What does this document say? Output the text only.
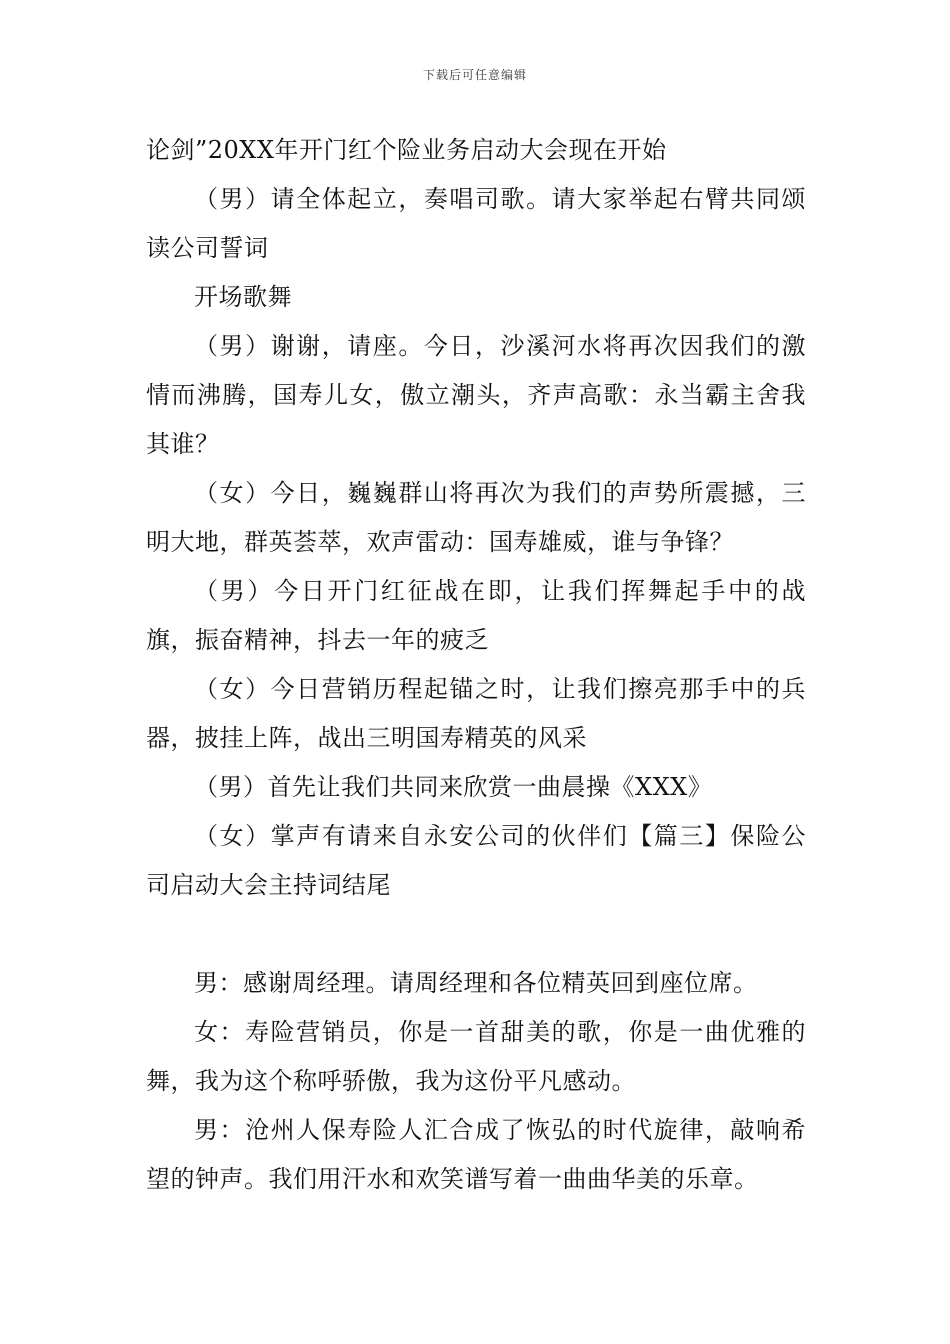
下载后可任意编辑

论剑”20XX年开门红个险业务启动大会现在开始

（男）请全体起立，奏唱司歌。请大家举起右臂共同颂读公司誓词

开场歌舞

（男）谢谢，请座。今日，沙溪河水将再次因我们的激情而沸腾，国寿儿女，傲立潮头，齐声高歌：永当霸主舍我其谁？

（女）今日，巍巍群山将再次为我们的声势所震撼，三明大地，群英荟萃，欢声雷动：国寿雄威，谁与争锋？

（男）今日开门红征战在即，让我们挥舞起手中的战旗，振奋精神，抖去一年的疲乏

（女）今日营销历程起锚之时，让我们擦亮那手中的兵器，披挂上阵，战出三明国寿精英的风采

（男）首先让我们共同来欣赏一曲晨操《XXX》

（女）掌声有请来自永安公司的伙伴们【篇三】保险公司启动大会主持词结尾

男：感谢周经理。请周经理和各位精英回到座位席。

女：寿险营销员，你是一首甜美的歌，你是一曲优雅的舞，我为这个称呼骄傲，我为这份平凡感动。

男：沧州人保寿险人汇合成了恢弘的时代旋律，敲响希望的钟声。我们用汗水和欢笑谱写着一曲曲华美的乐章。
